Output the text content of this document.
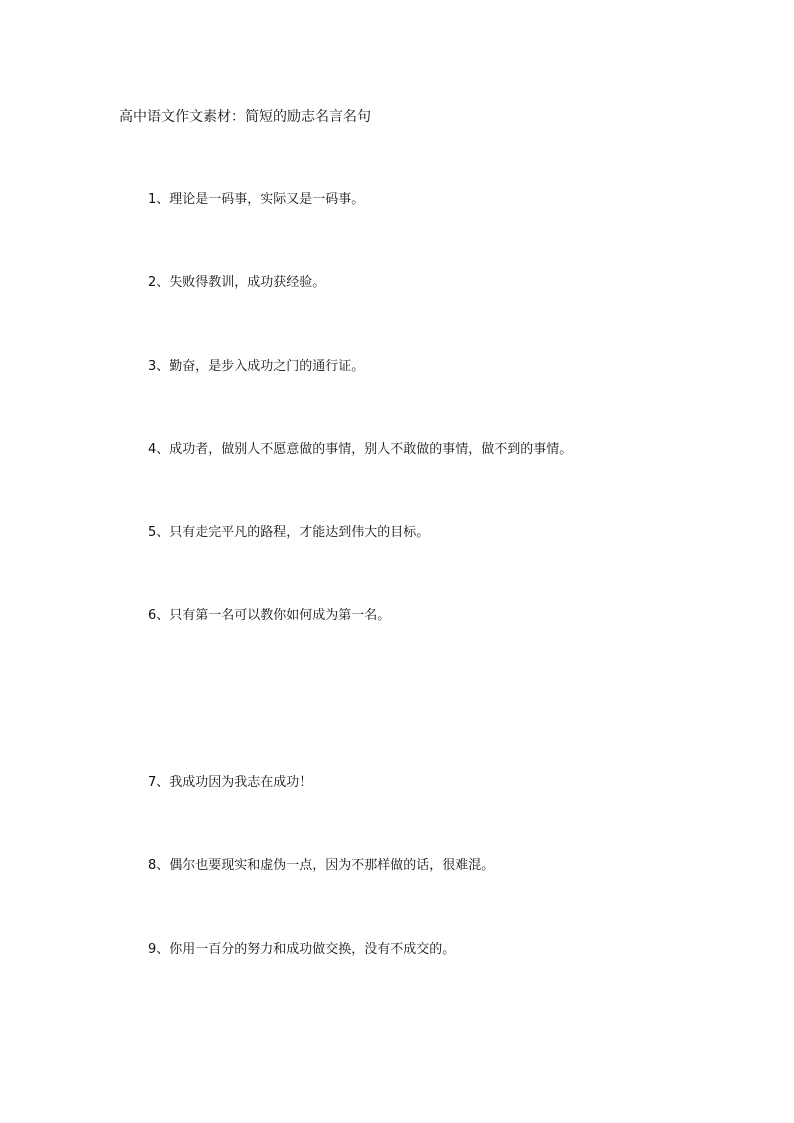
高中语文作文素材：简短的励志名言名句
1、理论是一码事，实际又是一码事。
2、失败得教训，成功获经验。
3、勤奋，是步入成功之门的通行证。
4、成功者，做别人不愿意做的事情，别人不敢做的事情，做不到的事情。
5、只有走完平凡的路程，才能达到伟大的目标。
6、只有第一名可以教你如何成为第一名。
7、我成功因为我志在成功！
8、偶尔也要现实和虚伪一点，因为不那样做的话，很难混。
9、你用一百分的努力和成功做交换，没有不成交的。
